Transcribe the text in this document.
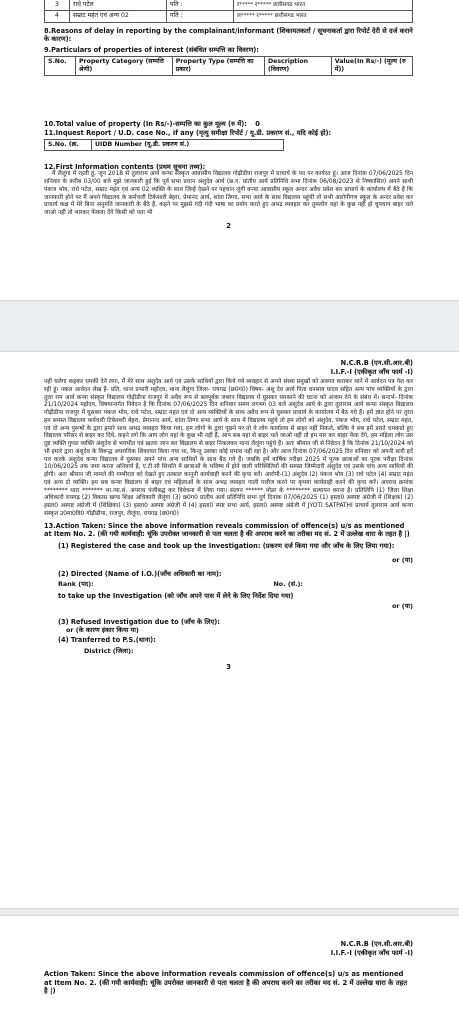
3	राधे पटेल	पति :	र***** र***** छत्तीसगढ भारत
4	सम्राट महंत एवं अन्य 02	पति :	ल***** र***** छत्तीसगढ भारत
8.Reasons of delay in reporting by the complainant/informant (शिकायतकर्ता / सूचनाकर्ता द्वारा रिपोर्ट देरी से दर्ज कराने के कारण):
9.Particulars of properties of interest (संबंधित सम्पत्ति का विवरण):
S.No.	Property Category (सम्पत्ति श्रेणी)	Property Type (सम्पत्ति का प्रकार)	Description (विवरण)	Value(In Rs/-) (मूल्य (रु में))
10.Total value of property (In Rs/-)-सम्पत्ति का कुल मूल्य (रु में): 0
11.Inquest Report / U.D. case No., if any (मृत्यु समीक्षा रिपोर्ट / यू.डी. प्रकरण सं., यदि कोई हो):
S.No. (क्र.	UIDB Number (यू.डी. प्रकरण सं.)
12.First Information contents (प्रथम सूचना तथ्य):

मैं लैलूंगा में रहती हूं, जून 2018 से तुलाराम आर्य कन्या संस्कृत आवासीय विद्यालय गोढ़ीडीपा राजपुर में प्राचार्य के पद पर कार्यरत हूं। आज दिनांक 07/06/2025 दिन शनिवार के करीब 03/00 बजे मुझे जानकारी हुई कि पूर्व सभा प्रधान अंशुदेव आर्य (छ.ग. प्रांतीय आर्य प्रतिनिधि सभा दिनांक 06/08/2023 से निष्कासित) अपने साथी पंकज भोय, राधे पटेल, सम्राट महंत एवं अन्य 02 व्यक्ति के साथ जिन्हें देखने पर पहचान लूंगी कन्या आवासीय स्कूल अन्दर अवैध प्रवेश कर प्राचार्य के कार्यालय में बैठे हैं कि जानकारी होने पर मैं अपने विद्यालय के कर्मचारी टिकेश्वरी बेहरा, प्रेमानंद आर्य, शांता तिग्गा, सभा आर्य के साथ विद्यालय पहुंची तो सभी आरोपीगण स्कूल के अन्दर प्रवेश कर प्राचार्य कक्ष में मेरे बिना अनुमति जानकारी के बैठे हैं, कहने पर मुझसे गंदी गंदी भाषा का प्रयोग करते हुए अभद्र व्यवहार कर तुमलोग यहां के कुछ नहीं हो चुपचाप बाहर चले जाओ नहीं तो भारकर फेंकवा देंगे किसी को पता भी

2
N.C.R.B (एन.सी.आर.बी)
I.I.F.-I (एकीकृत जाँच फार्म -I)

नहीं चलेगा कहकर धमकी देने लगा, मैं मेरे साथ अंशुदेव आर्य एवं उसके साथियों द्वारा किये गये व्यवहार से अपने संस्था प्रमुखों को अवगत कराकर थाने में आवेदन पत्र पेश कर रही हूं। नकल आवेदन लेख है- प्रति, थाना प्रभारी महोदय, थाना लैलूंगा जिला- रायगढ (छ0ग0) विषय- अंशु देव आर्य पिता धनसाय यादव सहित अन्य पांच व्यक्तियों के द्वारा तुला राम आर्य कन्या संस्कृत विद्यालय गोढ़ीडीपा राजपुर में अवैध रूप से बलपूर्वक जबरन विद्यालय में घुसकर धमकाने की घटना को अंजाम देने के संबंध में। सन्दर्भ- दिनांक 21/10/2024 महोदय, विषयान्तर्गत निवेदन है कि दिनांक 07/06/2025 दिन शनिवार समय लगभग 03 बजे अंशुदेव आर्य के द्वारा तुलाराम आर्य कन्या संस्कृत विद्यालय गोढ़ीडीपा राजपुर में घुसकर पंकज भोय, राधे पटेल, सम्राट महंत एवं दो अन्य व्यक्तियों के साथ अवैध रूप से घुसकर प्राचार्य के कार्यालय में बैठ गये हैं। हमें ज्ञात होने पर तुरंत हम समस्त विद्यालय कर्मचारी टिकेश्वरी बेहरा, प्रेमानन्द आर्य, शांता तिग्गा सभा आर्य के साथ में विद्यालय पहुंचे तो हम लोगों को अंशुदेव, पंकज भोय, राधे पटेल, सम्राट महंत, एवं दो अन्य पुरूषों के द्वारा हमारे साथ अभद्र व्यवहार किया गया, हम लोगों के द्वारा पूछने पर तो ये लोग कार्यालय से बाहर नहीं निकले, बल्कि ये सब हमें डराते धमकाते हुए विद्यालय परिसर से बाहर कर दिये, कहने लगे कि आप लोग यहां के कुछ भी नहीं हैं, आप सब यहां से बाहर चले जाओ नहीं तो हम मार कर बाहर फेंक देंगे, हम महिला लोग उस दुष्ट व्यक्ति गुण्डा व्यक्ति अंशुदेव से भयभीत एवं खतरा जान कर विद्यालय से बाहर निकलकर थाना लैलूंगा पहुंचे हैं। अतः श्रीमान जी से निवेदन है कि दिनांक 21/10/2024 को भी हमारे द्वारा अंशुदेव के विरूद्ध अपराधिक शिकायत किया गया था, किन्तु उसका कोई प्रभाव नहीं रहा है। और आज दिनांक 07/06/2025 दिन शनिवार को अपनी सारी हदें पार करके अंशुदेव कन्या विद्यालय में घुसकर अपने पांच अन्य साथियों के साथ बैठ गये हैं। जबकि हमें वार्षिक परीक्षा 2025 में पूरक छात्राओं का पूरक परीक्षा दिनांक 10/06/2025 तक जमा करना अनिवार्य है, ए.टी.सी सिथति में छात्राओं के भविष्य में होने वाली परिस्थितियों की समस्त जिम्मेदारी अंशुदेव एवं उसके पांच अन्य साथियों की होगी। अतः श्रीमान जी मामले की गम्भीरता को देखते हुए तत्काल कानूनी कार्यवाही करने की कृपा करें। आरोपी-(1) अंशुदेव (2) पंकज भोय (3) राधे पटेल (4) सम्राट महंत एवं अन्य दो व्यक्ति। हम सब कन्या विद्यालय से बाहर एवं महिलाओं के साथ अभद्र व्यवहार गाली गलौज करने पर कृपया कार्यवाही करने की कृपा करें। अपराध क्रमांक ******** धारा ******* भा.न्या.सं. अपराध पंजीबद्ध कर विवेचना में लिया गया। संलग्न ****** मोडर के ******** सत्यापन करना है। प्रतिलिपि (1) जिला शिक्षा अधिकारी रायगढ़ (2) विकास खण्ड शिक्षा अधिकारी लैलूंगा (3) छ0ग0 प्रांतीय आर्य प्रतिनिधि सभा दुर्ग दिनांक 07/06/2025 (1) हस्ता0 अस्पष्ट अंग्रेजी में (शिक्षक) (2) हस्ता0 अस्पष्ट अंग्रेजी में (शिक्षिका) (3) हस्ता0 अस्पष्ट अंग्रेजी में (4) हस्ता0 स्पष्ट सभा आर्य, हस्ता0 अस्पष्ट अंग्रेजी में JYOTI SATPATHI प्राचार्य तुलाराम आर्य कन्या संस्कृत उ0मा0वि0 गोढ़ीडीपा, राजपुर, लैलूंगा, रायगढ़ (छ0ग0)

13.Action Taken: Since the above information reveals commission of offence(s) u/s as mentioned at Item No. 2. (की गयी कार्यवाही: चूंकि उपरोक्त जानकारी से पता चलता है की अपराध करने का तरीका मद सं. 2 में उल्लेख धारा के तहत है |)
(1) Registered the case and took up the Investigation: (प्रकरण दर्ज किया गया और जाँच के लिए लिया गया):
or (या)
(2) Directed (Name of I.O.)(जाँच अधिकारी का नाम):
Rank (पद):	No. (सं.):
to take up the Investigation (को जाँच अपने पास में लेने के लिए निर्देश दिया गया)
or (या)
(3) Refused Investigation due to (जाँच के लिए):
or (के कारण इंकार किया या)
(4) Tranferred to P.S.(थाना):
District (जिला):
3
N.C.R.B (एन.सी.आर.बी)
I.I.F.-I (एकीकृत जाँच फार्म -I)
Action Taken: Since the above information reveals commission of offence(s) u/s as mentioned at Item No. 2. (की गयी कार्यवाही: चूंकि उपरोक्त जानकारी से पता चलता है की अपराध करने का तरीका मद सं. 2 में उल्लेख धारा के तहत है |)
